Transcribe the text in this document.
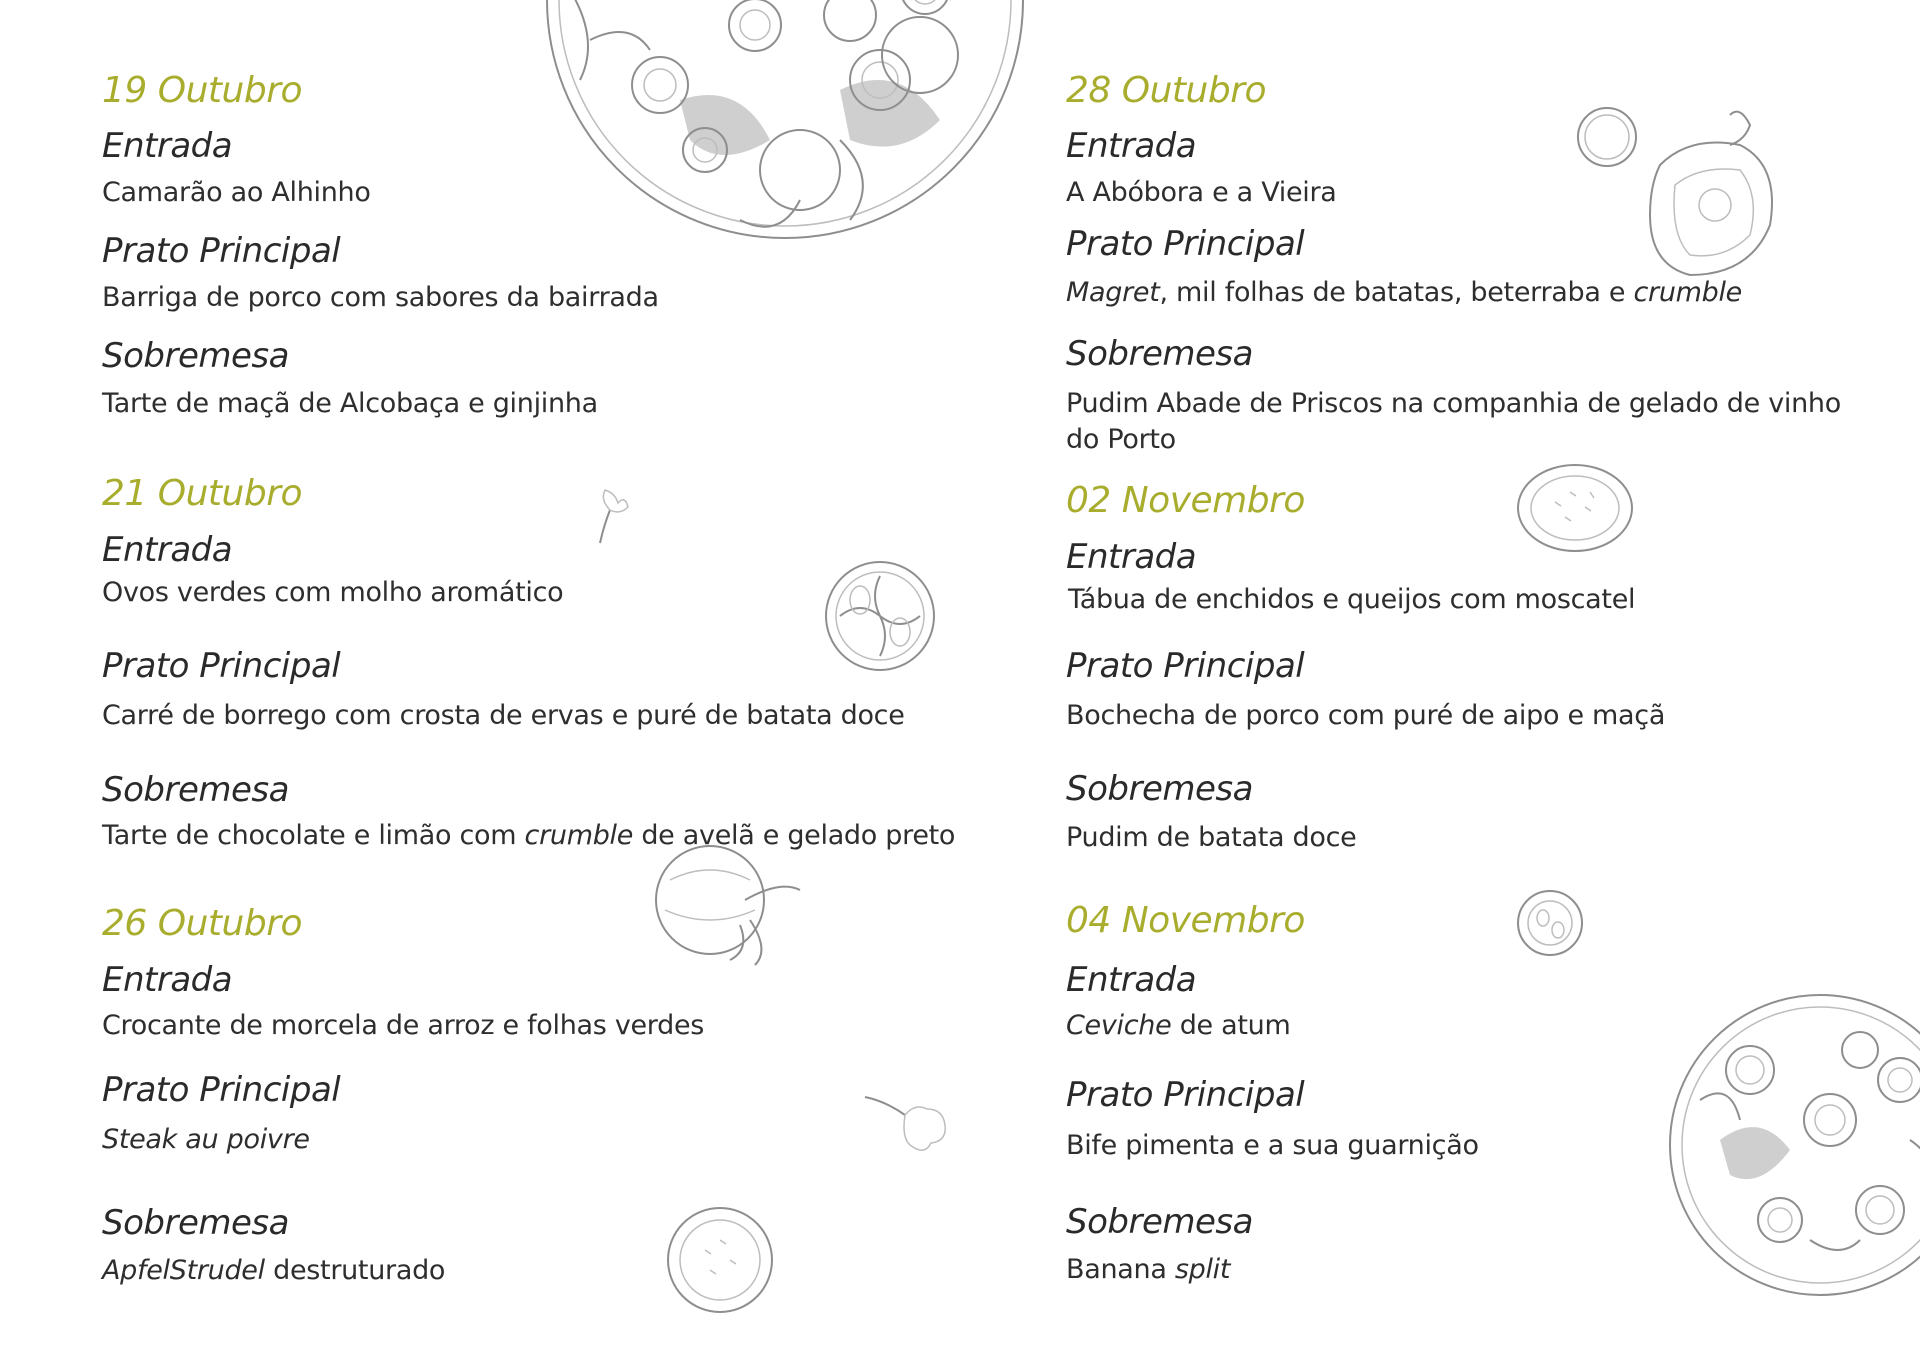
19 Outubro
Entrada
Camarão ao Alhinho
Prato Principal
Barriga de porco com sabores da bairrada
Sobremesa
Tarte de maçã de Alcobaça e ginjinha
21 Outubro
Entrada
Ovos verdes com molho aromático
Prato Principal
Carré de borrego com crosta de ervas e puré de batata doce
Sobremesa
Tarte de chocolate e limão com crumble de avelã e gelado preto
26 Outubro
Entrada
Crocante de morcela de arroz e folhas verdes
Prato Principal
Steak au poivre
Sobremesa
ApfelStrudel destruturado
28 Outubro
Entrada
A Abóbora e a Vieira
Prato Principal
Magret, mil folhas de batatas, beterraba e crumble
Sobremesa
Pudim Abade de Priscos na companhia de gelado de vinho do Porto
02 Novembro
Entrada
Tábua de enchidos e queijos com moscatel
Prato Principal
Bochecha de porco com puré de aipo e maçã
Sobremesa
Pudim de batata doce
04 Novembro
Entrada
Ceviche de atum
Prato Principal
Bife pimenta e a sua guarnição
Sobremesa
Banana split
